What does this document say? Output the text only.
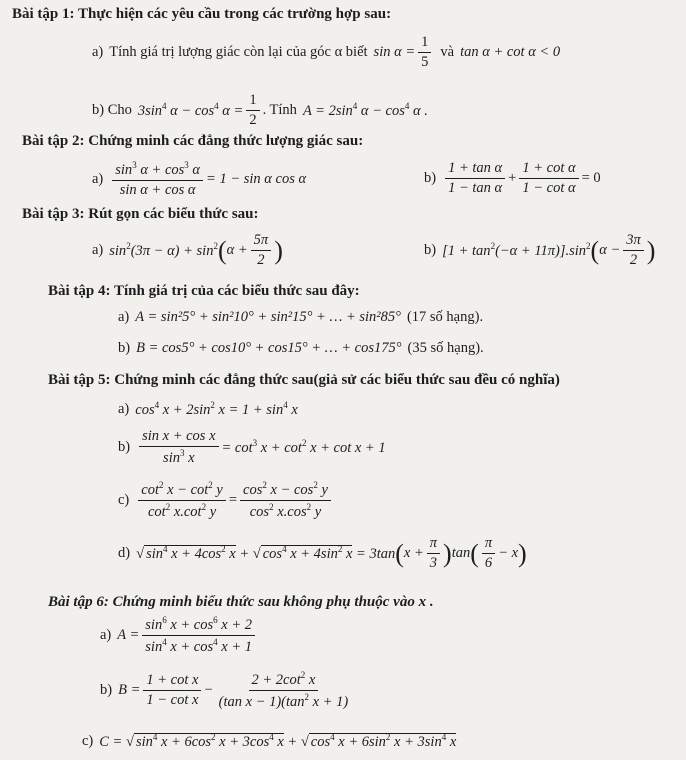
Bài tập 1: Thực hiện các yêu cầu trong các trường hợp sau:
a) Tính giá trị lượng giác còn lại của góc α biết $\sin \alpha = \frac{1}{5}$ và tan α + cot α < 0
b) Cho $3\sin^4$ $\alpha - \cos^4 \alpha = \frac{1}{2}$ . Tính $A = 2\sin^4$ $\alpha - \cos^4 \alpha$ .
Bài tập 2: Chứng minh các đẳng thức lượng giác sau:
$a) \frac{\sin^3 \alpha + \cos^3 \alpha}{\text{sin α + cos α}} = 1 - \sin \alpha$ cos α	$b) \frac{\text{1 + tan α}}{\text{1 − tan α}} + \frac{\text{1 + cot α}}{\text{1 − cot α}} = 0$
Bài tập 3: Rút gọn các biểu thức sau:
a) $\sin^2(3\pi - \alpha) + \sin^2$ ( $\alpha + \frac{5\pi}{2}$ )	b) $[1 + \tan^2(-\alpha + 11\pi)].\sin^2$ ( $\alpha - \frac{3\pi}{2}$ )
Bài tập 4: Tính giá trị của các biểu thức sau đây:
a) A = sin²5° + sin²10° + sin²15° + … + sin²85° (17 số hạng).
b) B = cos5° + cos10° + cos15° + … + cos175° (35 số hạng).
Bài tập 5: Chứng minh các đẳng thức sau(giả sử các biểu thức sau đều có nghĩa)
a) $\cos^4 x + 2\sin^2$ $x = 1 + \sin^4 x$
$b) \frac{\text{sin x + cos x}}{\sin^3 x} = \cot^3 x + \cot^2 x + \cot x + 1$
$c) \frac{\cot^2 x - \cot^2 y}{\cot^2 x.\cot^2 y} = \frac{\cos^2 x - \cos^2 y}{\cos^2 x.\cos^2 y}$
d) √ $\sin^4 x + 4\cos^2$ x + √ $\cos^4 x + 4\sin^2$ x = 3tan ( $x + \frac{\pi}{3}$ ) tan ( $\frac{\pi}{6} - x$ )
Bài tập 6: Chứng minh biểu thức sau không phụ thuộc vào x .
a) $A = \frac{\sin^6 x + \cos^6 x + 2}{\sin^4 x + \cos^4 x + 1}$
b) $B = \frac{\text{1 + cot x}}{\text{1 − cot x}} - \frac{2 + 2\cot^2 x}{(\tan x - 1)(\tan^2 x + 1)}$
c) C = √ $\sin^4 x + 6\cos^2$ $x + 3\cos^4$ x + √ $\cos^4 x + 6\sin^2$ $x + 3\sin^4$ x
